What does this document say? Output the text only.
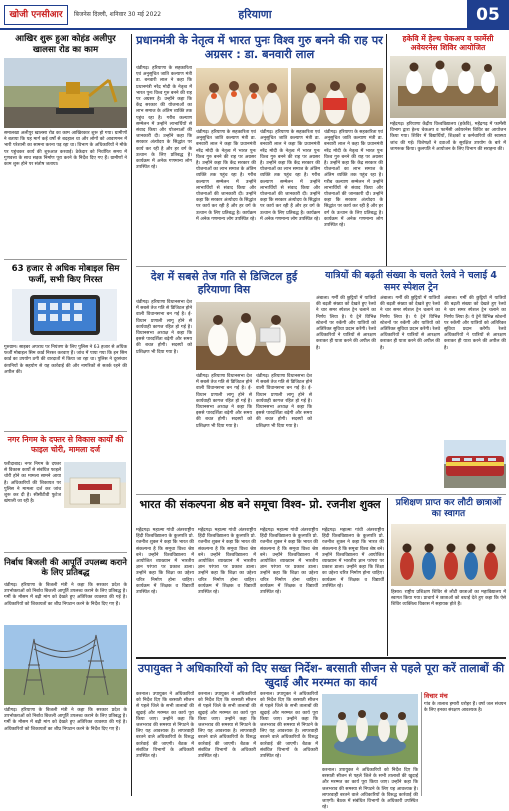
खोजी एनसीआर	बिजनेस दिल्ली, शनिवार 30 मई 2022	हरियाणा	05
आखिर शुरू हुआ कोहंड अलीपुर खालसा रोड का काम
समालखा अलीपुर खालसा रोड का काम आखिरकार शुरू हो गया। ग्रामीणों ने बताया कि यह मार्ग कई वर्षों से बदहाल था और लोगों को आवागमन में भारी परेशानी का सामना करना पड़ रहा था। विभाग के अधिकारियों ने मौके पर पहुंचकर कार्य की शुरुआत करवाई। ठेकेदार को निर्धारित समय में गुणवत्ता के साथ सड़क निर्माण पूरा करने के निर्देश दिए गए हैं। ग्रामीणों ने काम शुरू होने पर संतोष जताया।
63 हजार से अधिक मोबाइल सिम फर्जी, सभी किए निरस्त
गुरुग्राम। साइबर अपराध पर नियंत्रण के लिए पुलिस ने 63 हजार से अधिक फर्जी मोबाइल सिम कार्ड निरस्त करवाए हैं। जांच में पाया गया कि इन सिम कार्ड का उपयोग ठगी की वारदातों में किया जा रहा था। पुलिस ने दूरसंचार कंपनियों के सहयोग से यह कार्रवाई की और नागरिकों से सतर्क रहने की अपील की।
नगर निगम के दफ्तर से विकास कार्यों की फाइल चोरी, मामला दर्ज
फरीदाबाद। नगर निगम के दफ्तर से विकास कार्यों से संबंधित फाइलें चोरी होने का मामला सामने आया है। अधिकारियों की शिकायत पर पुलिस ने मामला दर्ज कर जांच शुरू कर दी है। सीसीटीवी फुटेज खंगाली जा रही है।
निर्बाध बिजली की आपूर्ति उपलब्ध कराने के लिए प्रतिबद्ध
चंडीगढ़। हरियाणा के बिजली मंत्री ने कहा कि सरकार प्रदेश के उपभोक्ताओं को निर्बाध बिजली आपूर्ति उपलब्ध कराने के लिए प्रतिबद्ध है। गर्मी के मौसम में बढ़ी मांग को देखते हुए अतिरिक्त व्यवस्था की गई है। अधिकारियों को शिकायतों का शीघ्र निपटान करने के निर्देश दिए गए हैं।
चंडीगढ़। हरियाणा के बिजली मंत्री ने कहा कि सरकार प्रदेश के उपभोक्ताओं को निर्बाध बिजली आपूर्ति उपलब्ध कराने के लिए प्रतिबद्ध है। गर्मी के मौसम में बढ़ी मांग को देखते हुए अतिरिक्त व्यवस्था की गई है। अधिकारियों को शिकायतों का शीघ्र निपटान करने के निर्देश दिए गए हैं।
प्रधानमंत्री के नेतृत्व में भारत पुनः विश्व गुरु बनने की राह पर अग्रसर : डा. बनवारी लाल
चंडीगढ़। हरियाणा के सहकारिता एवं अनुसूचित जाति कल्याण मंत्री डा. बनवारी लाल ने कहा कि प्रधानमंत्री नरेंद्र मोदी के नेतृत्व में भारत पुनः विश्व गुरु बनने की राह पर अग्रसर है। उन्होंने कहा कि केंद्र सरकार की योजनाओं का लाभ समाज के अंतिम व्यक्ति तक पहुंच रहा है। गरीब कल्याण सम्मेलन में उन्होंने लाभार्थियों से संवाद किया और योजनाओं की जानकारी दी। उन्होंने कहा कि सरकार अंत्योदय के सिद्धांत पर कार्य कर रही है और हर वर्ग के उत्थान के लिए प्रतिबद्ध है। कार्यक्रम में अनेक गणमान्य लोग उपस्थित रहे।
चंडीगढ़। हरियाणा के सहकारिता एवं अनुसूचित जाति कल्याण मंत्री डा. बनवारी लाल ने कहा कि प्रधानमंत्री नरेंद्र मोदी के नेतृत्व में भारत पुनः विश्व गुरु बनने की राह पर अग्रसर है। उन्होंने कहा कि केंद्र सरकार की योजनाओं का लाभ समाज के अंतिम व्यक्ति तक पहुंच रहा है। गरीब कल्याण सम्मेलन में उन्होंने लाभार्थियों से संवाद किया और योजनाओं की जानकारी दी। उन्होंने कहा कि सरकार अंत्योदय के सिद्धांत पर कार्य कर रही है और हर वर्ग के उत्थान के लिए प्रतिबद्ध है। कार्यक्रम में अनेक गणमान्य लोग उपस्थित रहे।
चंडीगढ़। हरियाणा के सहकारिता एवं अनुसूचित जाति कल्याण मंत्री डा. बनवारी लाल ने कहा कि प्रधानमंत्री नरेंद्र मोदी के नेतृत्व में भारत पुनः विश्व गुरु बनने की राह पर अग्रसर है। उन्होंने कहा कि केंद्र सरकार की योजनाओं का लाभ समाज के अंतिम व्यक्ति तक पहुंच रहा है। गरीब कल्याण सम्मेलन में उन्होंने लाभार्थियों से संवाद किया और योजनाओं की जानकारी दी। उन्होंने कहा कि सरकार अंत्योदय के सिद्धांत पर कार्य कर रही है और हर वर्ग के उत्थान के लिए प्रतिबद्ध है। कार्यक्रम में अनेक गणमान्य लोग उपस्थित रहे।
चंडीगढ़। हरियाणा के सहकारिता एवं अनुसूचित जाति कल्याण मंत्री डा. बनवारी लाल ने कहा कि प्रधानमंत्री नरेंद्र मोदी के नेतृत्व में भारत पुनः विश्व गुरु बनने की राह पर अग्रसर है। उन्होंने कहा कि केंद्र सरकार की योजनाओं का लाभ समाज के अंतिम व्यक्ति तक पहुंच रहा है। गरीब कल्याण सम्मेलन में उन्होंने लाभार्थियों से संवाद किया और योजनाओं की जानकारी दी। उन्होंने कहा कि सरकार अंत्योदय के सिद्धांत पर कार्य कर रही है और हर वर्ग के उत्थान के लिए प्रतिबद्ध है। कार्यक्रम में अनेक गणमान्य लोग उपस्थित रहे।
हकेवि में हेल्थ चेकअप व फार्मेसी अवेयरनेस शिविर आयोजित
महेंद्रगढ़। हरियाणा केंद्रीय विश्वविद्यालय (हकेवि), महेंद्रगढ़ में फार्मेसी विभाग द्वारा हेल्थ चेकअप व फार्मेसी अवेयरनेस शिविर का आयोजन किया गया। शिविर में विद्यार्थियों, शिक्षकों व कर्मचारियों की स्वास्थ्य जांच की गई। विशेषज्ञों ने दवाओं के सुरक्षित उपयोग के बारे में जागरूक किया। कुलपति ने आयोजन के लिए विभाग की सराहना की।
देश में सबसे तेज गति से डिजिटल हुई हरियाणा विस
चंडीगढ़। हरियाणा विधानसभा देश में सबसे तेज गति से डिजिटल होने वाली विधानसभा बन गई है। ई-विधान प्रणाली लागू होने से कार्यवाही कागज रहित हो गई है। विधानसभा अध्यक्ष ने कहा कि इससे पारदर्शिता बढ़ेगी और समय की बचत होगी। सदस्यों को प्रशिक्षण भी दिया गया है।
चंडीगढ़। हरियाणा विधानसभा देश में सबसे तेज गति से डिजिटल होने वाली विधानसभा बन गई है। ई-विधान प्रणाली लागू होने से कार्यवाही कागज रहित हो गई है। विधानसभा अध्यक्ष ने कहा कि इससे पारदर्शिता बढ़ेगी और समय की बचत होगी। सदस्यों को प्रशिक्षण भी दिया गया है।
चंडीगढ़। हरियाणा विधानसभा देश में सबसे तेज गति से डिजिटल होने वाली विधानसभा बन गई है। ई-विधान प्रणाली लागू होने से कार्यवाही कागज रहित हो गई है। विधानसभा अध्यक्ष ने कहा कि इससे पारदर्शिता बढ़ेगी और समय की बचत होगी। सदस्यों को प्रशिक्षण भी दिया गया है।
यात्रियों की बढ़ती संख्या के चलते रेलवे ने चलाई 4 समर स्पेशल ट्रेन
अंबाला। गर्मी की छुट्टियों में यात्रियों की बढ़ती संख्या को देखते हुए रेलवे ने चार समर स्पेशल ट्रेन चलाने का निर्णय लिया है। ये ट्रेनें विभिन्न स्टेशनों पर रुकेंगी और यात्रियों को अतिरिक्त सुविधा प्रदान करेंगी। रेलवे अधिकारियों ने यात्रियों से आरक्षण कराकर ही यात्रा करने की अपील की है।
अंबाला। गर्मी की छुट्टियों में यात्रियों की बढ़ती संख्या को देखते हुए रेलवे ने चार समर स्पेशल ट्रेन चलाने का निर्णय लिया है। ये ट्रेनें विभिन्न स्टेशनों पर रुकेंगी और यात्रियों को अतिरिक्त सुविधा प्रदान करेंगी। रेलवे अधिकारियों ने यात्रियों से आरक्षण कराकर ही यात्रा करने की अपील की है।
अंबाला। गर्मी की छुट्टियों में यात्रियों की बढ़ती संख्या को देखते हुए रेलवे ने चार समर स्पेशल ट्रेन चलाने का निर्णय लिया है। ये ट्रेनें विभिन्न स्टेशनों पर रुकेंगी और यात्रियों को अतिरिक्त सुविधा प्रदान करेंगी। रेलवे अधिकारियों ने यात्रियों से आरक्षण कराकर ही यात्रा करने की अपील की है।
भारत की संकल्पना श्रेष्ठ बने समूचा विश्व- प्रो. रजनीश शुक्ल
महेंद्रगढ़। महात्मा गांधी अंतरराष्ट्रीय हिंदी विश्वविद्यालय के कुलपति प्रो. रजनीश शुक्ल ने कहा कि भारत की संकल्पना है कि समूचा विश्व श्रेष्ठ बने। उन्होंने विश्वविद्यालय में आयोजित व्याख्यान में भारतीय ज्ञान परंपरा पर प्रकाश डाला। उन्होंने कहा कि शिक्षा का उद्देश्य चरित्र निर्माण होना चाहिए। कार्यक्रम में शिक्षक व विद्यार्थी उपस्थित रहे।
महेंद्रगढ़। महात्मा गांधी अंतरराष्ट्रीय हिंदी विश्वविद्यालय के कुलपति प्रो. रजनीश शुक्ल ने कहा कि भारत की संकल्पना है कि समूचा विश्व श्रेष्ठ बने। उन्होंने विश्वविद्यालय में आयोजित व्याख्यान में भारतीय ज्ञान परंपरा पर प्रकाश डाला। उन्होंने कहा कि शिक्षा का उद्देश्य चरित्र निर्माण होना चाहिए। कार्यक्रम में शिक्षक व विद्यार्थी उपस्थित रहे।
महेंद्रगढ़। महात्मा गांधी अंतरराष्ट्रीय हिंदी विश्वविद्यालय के कुलपति प्रो. रजनीश शुक्ल ने कहा कि भारत की संकल्पना है कि समूचा विश्व श्रेष्ठ बने। उन्होंने विश्वविद्यालय में आयोजित व्याख्यान में भारतीय ज्ञान परंपरा पर प्रकाश डाला। उन्होंने कहा कि शिक्षा का उद्देश्य चरित्र निर्माण होना चाहिए। कार्यक्रम में शिक्षक व विद्यार्थी उपस्थित रहे।
महेंद्रगढ़। महात्मा गांधी अंतरराष्ट्रीय हिंदी विश्वविद्यालय के कुलपति प्रो. रजनीश शुक्ल ने कहा कि भारत की संकल्पना है कि समूचा विश्व श्रेष्ठ बने। उन्होंने विश्वविद्यालय में आयोजित व्याख्यान में भारतीय ज्ञान परंपरा पर प्रकाश डाला। उन्होंने कहा कि शिक्षा का उद्देश्य चरित्र निर्माण होना चाहिए। कार्यक्रम में शिक्षक व विद्यार्थी उपस्थित रहे।
प्रशिक्षण प्राप्त कर लौटी छात्राओं का स्वागत
हिसार। राष्ट्रीय प्रशिक्षण शिविर से लौटी छात्राओं का महाविद्यालय में स्वागत किया गया। प्राचार्य ने छात्राओं को बधाई देते हुए कहा कि ऐसे शिविर व्यक्तित्व विकास में सहायक होते हैं।
उपायुक्त ने अधिकारियों को दिए सख्त निर्देश- बरसाती सीजन से पहले पूरा करें तालाबों की खुदाई और मरम्मत का कार्य
करनाल। उपायुक्त ने अधिकारियों को निर्देश दिए कि बरसाती सीजन से पहले जिले के सभी तालाबों की खुदाई और मरम्मत का कार्य पूरा किया जाए। उन्होंने कहा कि जलभराव की समस्या से निपटने के लिए यह आवश्यक है। लापरवाही बरतने वाले अधिकारियों के विरुद्ध कार्रवाई की जाएगी। बैठक में संबंधित विभागों के अधिकारी उपस्थित रहे।
करनाल। उपायुक्त ने अधिकारियों को निर्देश दिए कि बरसाती सीजन से पहले जिले के सभी तालाबों की खुदाई और मरम्मत का कार्य पूरा किया जाए। उन्होंने कहा कि जलभराव की समस्या से निपटने के लिए यह आवश्यक है। लापरवाही बरतने वाले अधिकारियों के विरुद्ध कार्रवाई की जाएगी। बैठक में संबंधित विभागों के अधिकारी उपस्थित रहे।
करनाल। उपायुक्त ने अधिकारियों को निर्देश दिए कि बरसाती सीजन से पहले जिले के सभी तालाबों की खुदाई और मरम्मत का कार्य पूरा किया जाए। उन्होंने कहा कि जलभराव की समस्या से निपटने के लिए यह आवश्यक है। लापरवाही बरतने वाले अधिकारियों के विरुद्ध कार्रवाई की जाएगी। बैठक में संबंधित विभागों के अधिकारी उपस्थित रहे।
करनाल। उपायुक्त ने अधिकारियों को निर्देश दिए कि बरसाती सीजन से पहले जिले के सभी तालाबों की खुदाई और मरम्मत का कार्य पूरा किया जाए। उन्होंने कहा कि जलभराव की समस्या से निपटने के लिए यह आवश्यक है। लापरवाही बरतने वाले अधिकारियों के विरुद्ध कार्रवाई की जाएगी। बैठक में संबंधित विभागों के अधिकारी उपस्थित रहे।
विचार मंच
गांव के तालाब हमारी धरोहर हैं। वर्षा जल संचयन के लिए इनका संरक्षण आवश्यक है।
